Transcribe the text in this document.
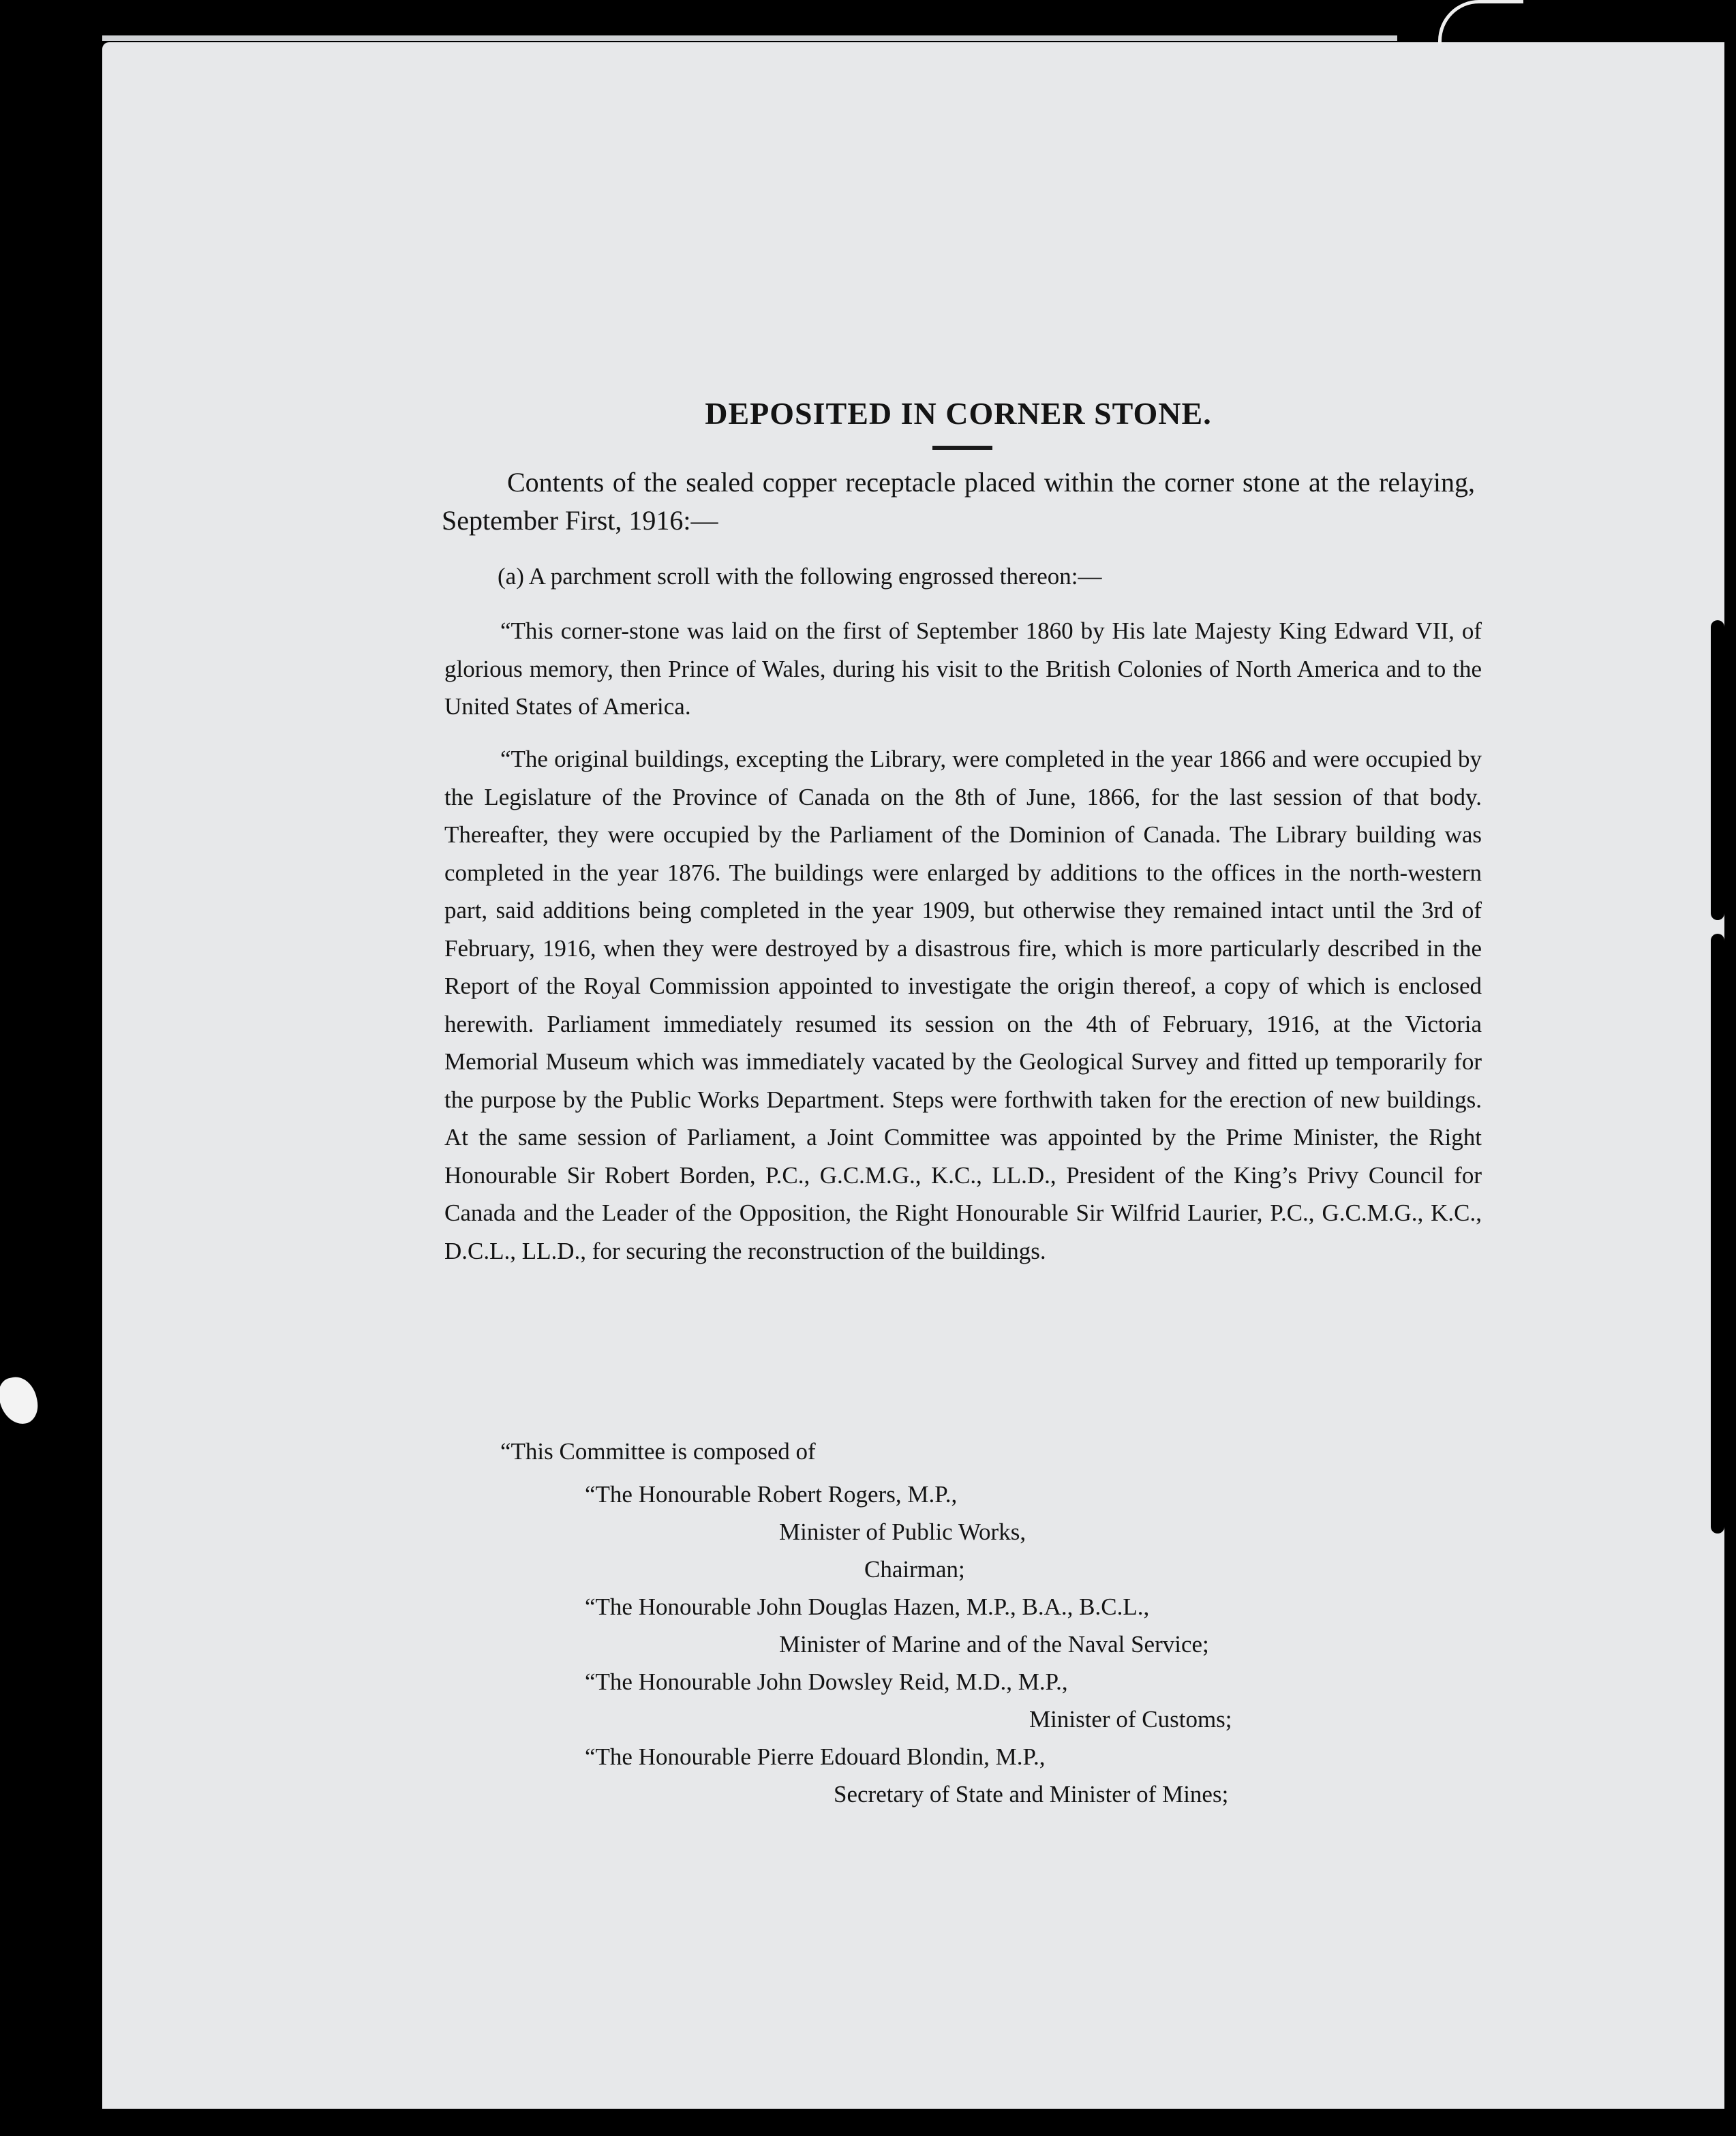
DEPOSITED IN CORNER STONE.
Contents of the sealed copper receptacle placed within the corner stone at the relaying, September First, 1916:—
(a) A parchment scroll with the following engrossed thereon:—
“This corner-stone was laid on the first of September 1860 by His late Majesty King Edward VII, of glorious memory, then Prince of Wales, during his visit to the British Colonies of North America and to the United States of America.
“The original buildings, excepting the Library, were completed in the year 1866 and were occupied by the Legislature of the Province of Canada on the 8th of June, 1866, for the last session of that body. Thereafter, they were occupied by the Parliament of the Dominion of Canada. The Library building was completed in the year 1876. The buildings were enlarged by additions to the offices in the north-western part, said additions being completed in the year 1909, but otherwise they remained intact until the 3rd of February, 1916, when they were destroyed by a disastrous fire, which is more particularly described in the Report of the Royal Commission appointed to investigate the origin thereof, a copy of which is enclosed herewith. Parliament immediately resumed its session on the 4th of February, 1916, at the Victoria Memorial Museum which was immediately vacated by the Geological Survey and fitted up temporarily for the purpose by the Public Works Department. Steps were forthwith taken for the erection of new buildings. At the same session of Parliament, a Joint Committee was appointed by the Prime Minister, the Right Honourable Sir Robert Borden, P.C., G.C.M.G., K.C., LL.D., President of the King’s Privy Council for Canada and the Leader of the Opposition, the Right Honourable Sir Wilfrid Laurier, P.C., G.C.M.G., K.C., D.C.L., LL.D., for securing the reconstruction of the buildings.
“This Committee is composed of
“The Honourable Robert Rogers, M.P.,
Minister of Public Works,
Chairman;
“The Honourable John Douglas Hazen, M.P., B.A., B.C.L.,
Minister of Marine and of the Naval Service;
“The Honourable John Dowsley Reid, M.D., M.P.,
Minister of Customs;
“The Honourable Pierre Edouard Blondin, M.P.,
Secretary of State and Minister of Mines;
